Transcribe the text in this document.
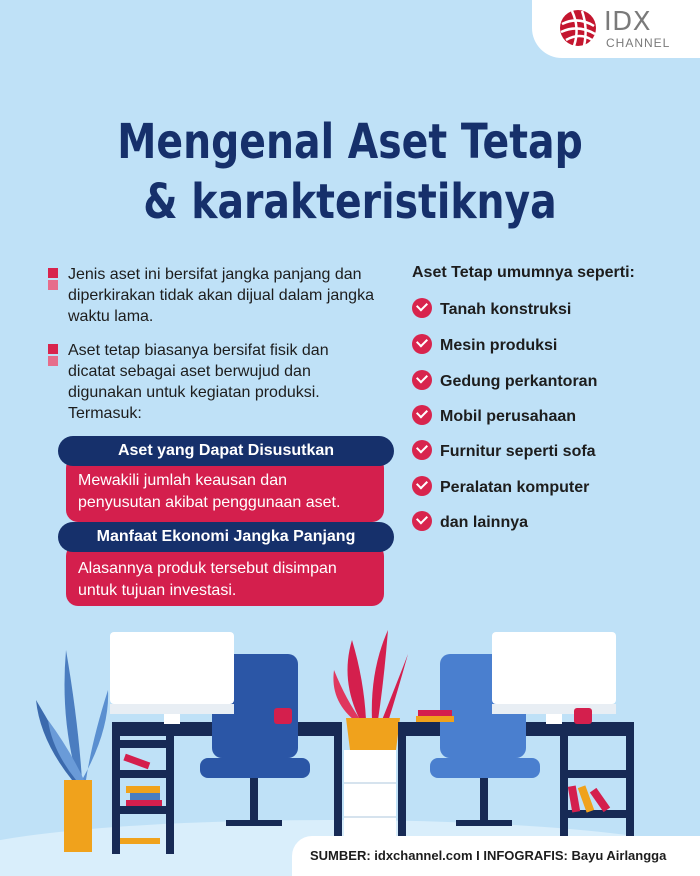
IDX
CHANNEL
Mengenal Aset Tetap
& karakteristiknya
Jenis aset ini bersifat jangka panjang dan diperkirakan tidak akan dijual dalam jangka waktu lama.
Aset tetap biasanya bersifat fisik dan dicatat sebagai aset berwujud dan digunakan untuk kegiatan produksi. Termasuk:
Mewakili jumlah keausan dan penyusutan akibat penggunaan aset.
Aset yang Dapat Disusutkan
Alasannya produk tersebut disimpan untuk tujuan investasi.
Manfaat Ekonomi Jangka Panjang
Aset Tetap umumnya seperti:
Tanah konstruksi
Mesin produksi
Gedung perkantoran
Mobil perusahaan
Furnitur seperti sofa
Peralatan komputer
dan lainnya
SUMBER: idxchannel.com I INFOGRAFIS: Bayu Airlangga
